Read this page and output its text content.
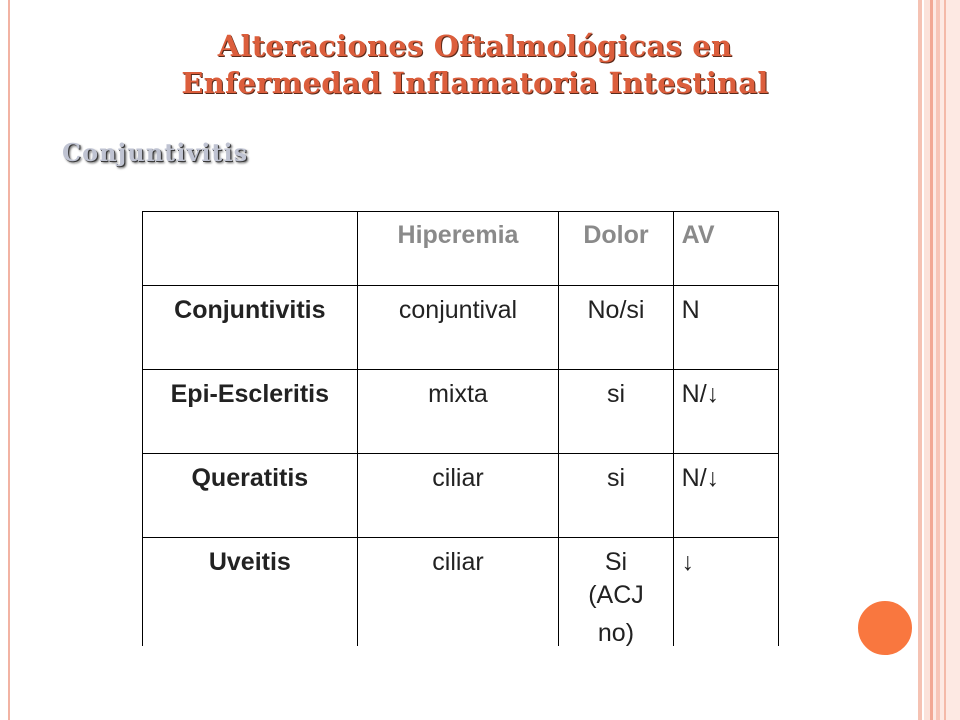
Alteraciones Oftalmológicas en
Enfermedad Inflamatoria Intestinal
Conjuntivitis

	Hiperemia	Dolor	AV

Conjuntivitis	conjuntival	No/si	N

Epi-Escleritis	mixta	si	N/↓

Queratitis	ciliar	si	N/↓

Uveitis	ciliar	Si
(ACJ
no)	↓
